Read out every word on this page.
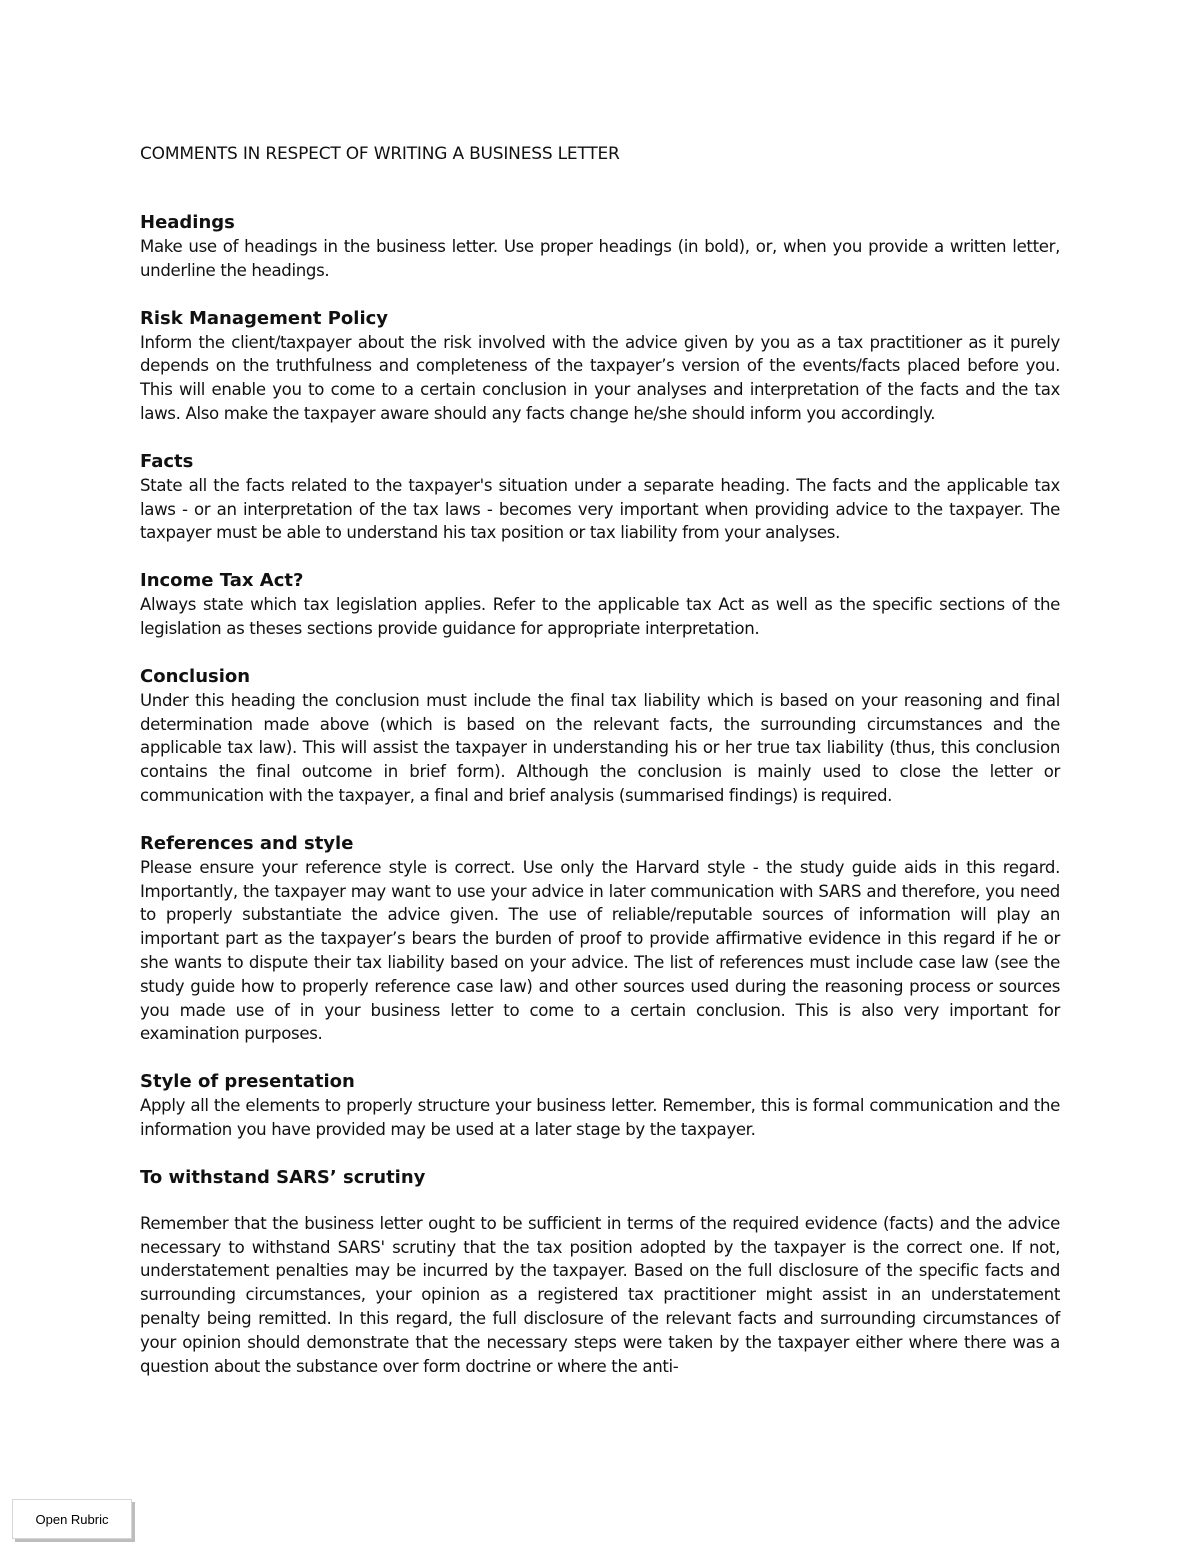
COMMENTS IN RESPECT OF WRITING A BUSINESS LETTER

Headings

Make use of headings in the business letter. Use proper headings (in bold), or, when you provide a written letter, underline the headings.

Risk Management Policy

Inform the client/taxpayer about the risk involved with the advice given by you as a tax practitioner as it purely depends on the truthfulness and completeness of the taxpayer’s version of the events/facts placed before you. This will enable you to come to a certain conclusion in your analyses and interpretation of the facts and the tax laws. Also make the taxpayer aware should any facts change he/she should inform you accordingly.

Facts

State all the facts related to the taxpayer's situation under a separate heading. The facts and the applicable tax laws - or an interpretation of the tax laws - becomes very important when providing advice to the taxpayer. The taxpayer must be able to understand his tax position or tax liability from your analyses.

Income Tax Act?

Always state which tax legislation applies. Refer to the applicable tax Act as well as the specific sections of the legislation as theses sections provide guidance for appropriate interpretation.

Conclusion

Under this heading the conclusion must include the final tax liability which is based on your reasoning and final determination made above (which is based on the relevant facts, the surrounding circumstances and the applicable tax law). This will assist the taxpayer in understanding his or her true tax liability (thus, this conclusion contains the final outcome in brief form). Although the conclusion is mainly used to close the letter or communication with the taxpayer, a final and brief analysis (summarised findings) is required.

References and style

Please ensure your reference style is correct. Use only the Harvard style - the study guide aids in this regard. Importantly, the taxpayer may want to use your advice in later communication with SARS and therefore, you need to properly substantiate the advice given. The use of reliable/reputable sources of information will play an important part as the taxpayer’s bears the burden of proof to provide affirmative evidence in this regard if he or she wants to dispute their tax liability based on your advice. The list of references must include case law (see the study guide how to properly reference case law) and other sources used during the reasoning process or sources you made use of in your business letter to come to a certain conclusion. This is also very important for examination purposes.

Style of presentation

Apply all the elements to properly structure your business letter. Remember, this is formal communication and the information you have provided may be used at a later stage by the taxpayer.

To withstand SARS’ scrutiny

Remember that the business letter ought to be sufficient in terms of the required evidence (facts) and the advice necessary to withstand SARS' scrutiny that the tax position adopted by the taxpayer is the correct one. If not, understatement penalties may be incurred by the taxpayer. Based on the full disclosure of the specific facts and surrounding circumstances, your opinion as a registered tax practitioner might assist in an understatement penalty being remitted. In this regard, the full disclosure of the relevant facts and surrounding circumstances of your opinion should demonstrate that the necessary steps were taken by the taxpayer either where there was a question about the substance over form doctrine or where the anti-

Open Rubric
